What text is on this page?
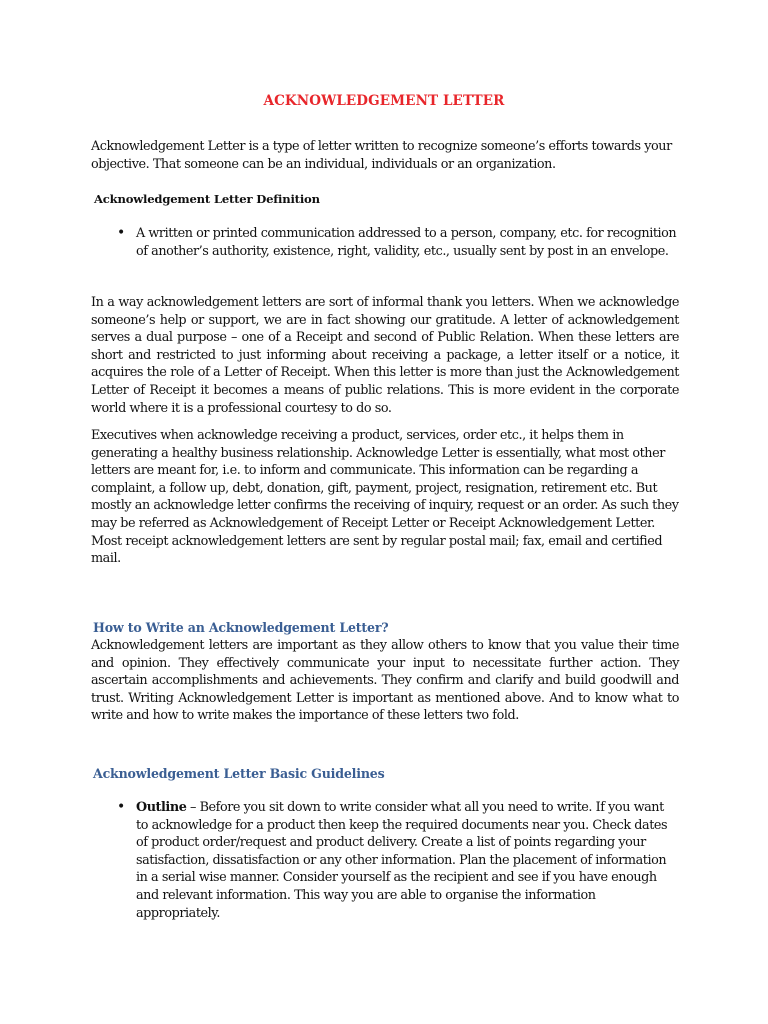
ACKNOWLEDGEMENT LETTER

Acknowledgement Letter is a type of letter written to recognize someone’s efforts towards your objective. That someone can be an individual, individuals or an organization.

Acknowledgement Letter Definition

• A written or printed communication addressed to a person, company, etc. for recognition of another’s authority, existence, right, validity, etc., usually sent by post in an envelope.

In a way acknowledgement letters are sort of informal thank you letters. When we acknowledge someone’s help or support, we are in fact showing our gratitude. A letter of acknowledgement serves a dual purpose – one of a Receipt and second of Public Relation. When these letters are short and restricted to just informing about receiving a package, a letter itself or a notice, it acquires the role of a Letter of Receipt. When this letter is more than just the Acknowledgement Letter of Receipt it becomes a means of public relations. This is more evident in the corporate world where it is a professional courtesy to do so.

Executives when acknowledge receiving a product, services, order etc., it helps them in generating a healthy business relationship. Acknowledge Letter is essentially, what most other letters are meant for, i.e. to inform and communicate. This information can be regarding a complaint, a follow up, debt, donation, gift, payment, project, resignation, retirement etc. But mostly an acknowledge letter confirms the receiving of inquiry, request or an order. As such they may be referred as Acknowledgement of Receipt Letter or Receipt Acknowledgement Letter. Most receipt acknowledgement letters are sent by regular postal mail; fax, email and certified mail.

How to Write an Acknowledgement Letter?

Acknowledgement letters are important as they allow others to know that you value their time and opinion. They effectively communicate your input to necessitate further action. They ascertain accomplishments and achievements. They confirm and clarify and build goodwill and trust. Writing Acknowledgement Letter is important as mentioned above. And to know what to write and how to write makes the importance of these letters two fold.

Acknowledgement Letter Basic Guidelines

• Outline – Before you sit down to write consider what all you need to write. If you want to acknowledge for a product then keep the required documents near you. Check dates of product order/request and product delivery. Create a list of points regarding your satisfaction, dissatisfaction or any other information. Plan the placement of information in a serial wise manner. Consider yourself as the recipient and see if you have enough and relevant information. This way you are able to organise the information appropriately.
